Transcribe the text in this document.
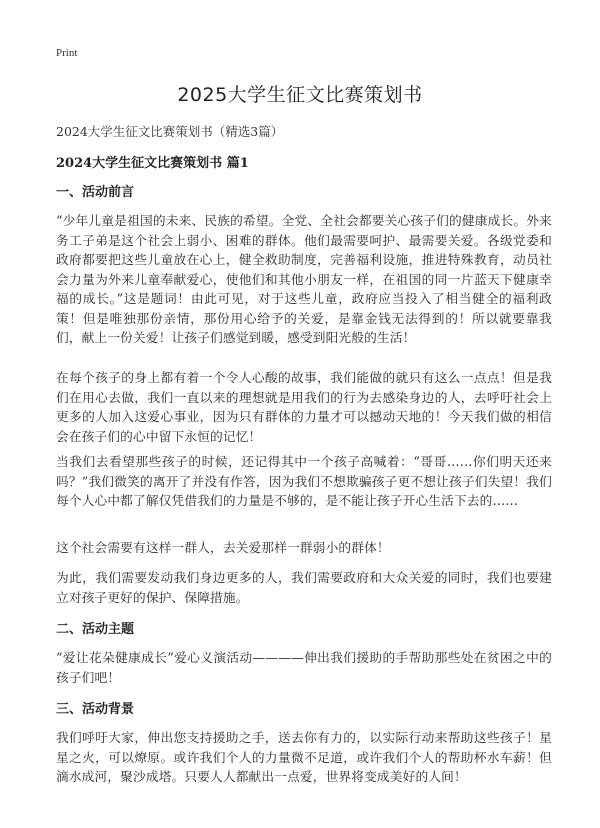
Print
2025大学生征文比赛策划书
2024大学生征文比赛策划书（精选3篇）
2024大学生征文比赛策划书 篇1
一、活动前言
“少年儿童是祖国的未来、民族的希望。全党、全社会都要关心孩子们的健康成长。外来务工子弟是这个社会上弱小、困难的群体。他们最需要呵护、最需要关爱。各级党委和政府都要把这些儿童放在心上，健全救助制度，完善福利设施，推进特殊教育，动员社会力量为外来儿童奉献爱心，使他们和其他小朋友一样，在祖国的同一片蓝天下健康幸福的成长。”这是题词！由此可见，对于这些儿童，政府应当投入了相当健全的福利政策！但是唯独那份亲情，那份用心给予的关爱，是靠金钱无法得到的！所以就要靠我们，献上一份关爱！让孩子们感觉到暖，感受到阳光般的生活！
在每个孩子的身上都有着一个令人心酸的故事，我们能做的就只有这么一点点！但是我们在用心去做，我们一直以来的理想就是用我们的行为去感染身边的人，去呼吁社会上更多的人加入这爱心事业，因为只有群体的力量才可以撼动天地的！今天我们做的相信会在孩子们的心中留下永恒的记忆！
当我们去看望那些孩子的时候，还记得其中一个孩子高喊着：“哥哥……你们明天还来吗？”我们微笑的离开了并没有作答，因为我们不想欺骗孩子更不想让孩子们失望！我们每个人心中都了解仅凭借我们的力量是不够的，是不能让孩子开心生活下去的……
这个社会需要有这样一群人，去关爱那样一群弱小的群体！
为此，我们需要发动我们身边更多的人，我们需要政府和大众关爱的同时，我们也要建立对孩子更好的保护、保障措施。
二、活动主题
“爱让花朵健康成长”爱心义演活动————伸出我们援助的手帮助那些处在贫困之中的孩子们吧！
三、活动背景
我们呼吁大家，伸出您支持援助之手，送去你有力的，以实际行动来帮助这些孩子！星星之火，可以燎原。或许我们个人的力量微不足道，或许我们个人的帮助杯水车薪！但滴水成河，聚沙成塔。只要人人都献出一点爱，世界将变成美好的人间！
